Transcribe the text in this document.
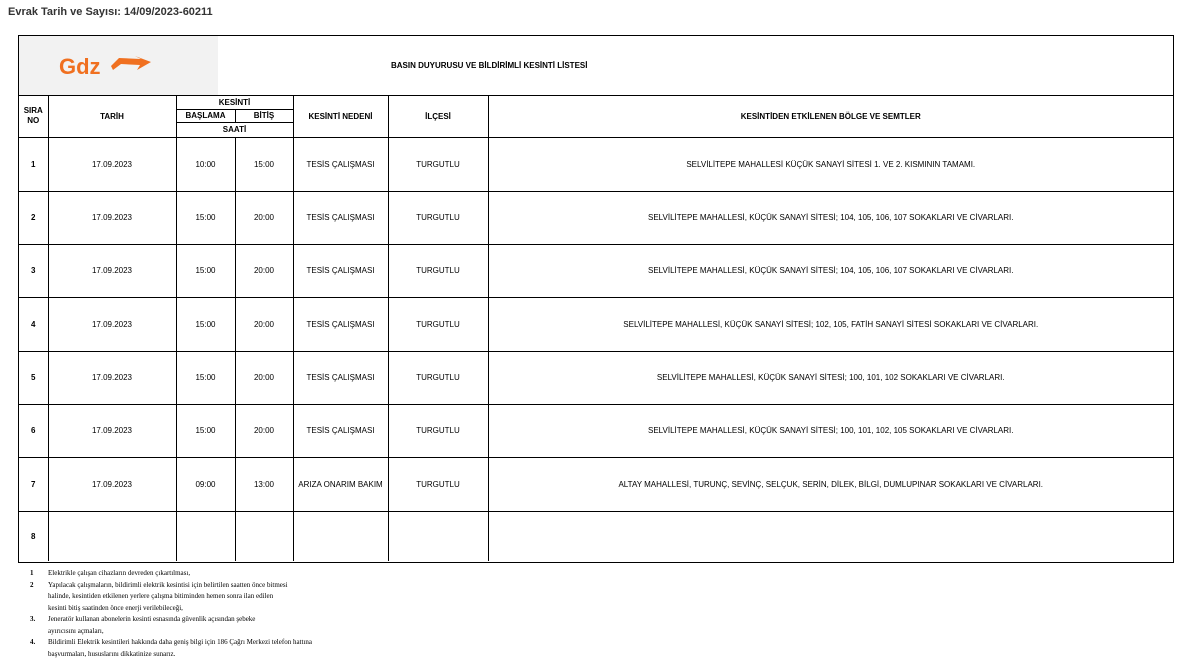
Evrak Tarih ve Sayısı: 14/09/2023-60211
Gdz	BASIN DUYURUSU VE BİLDİRİMLİ KESİNTİ LİSTESİ
SIRA NO	TARİH	KESİNTİ		KESİNTİ NEDENİ	İLÇESİ	KESİNTİDEN ETKİLENEN BÖLGE VE SEMTLER
		BAŞLAMA	BİTİŞ			
		SAATİ				
1	17.09.2023	10:00	15:00	TESİS ÇALIŞMASI	TURGUTLU	SELVİLİTEPE MAHALLESİ KÜÇÜK SANAYİ SİTESİ 1. VE 2. KISMININ TAMAMI.
2	17.09.2023	15:00	20:00	TESİS ÇALIŞMASI	TURGUTLU	SELVİLİTEPE MAHALLESİ, KÜÇÜK SANAYİ SİTESİ; 104, 105, 106, 107 SOKAKLARI VE CİVARLARI.
3	17.09.2023	15:00	20:00	TESİS ÇALIŞMASI	TURGUTLU	SELVİLİTEPE MAHALLESİ, KÜÇÜK SANAYİ SİTESİ; 104, 105, 106, 107 SOKAKLARI VE CİVARLARI.
4	17.09.2023	15:00	20:00	TESİS ÇALIŞMASI	TURGUTLU	SELVİLİTEPE MAHALLESİ, KÜÇÜK SANAYİ SİTESİ; 102, 105, FATİH SANAYİ SİTESİ SOKAKLARI VE CİVARLARI.
5	17.09.2023	15:00	20:00	TESİS ÇALIŞMASI	TURGUTLU	SELVİLİTEPE MAHALLESİ, KÜÇÜK SANAYİ SİTESİ; 100, 101, 102 SOKAKLARI VE CİVARLARI.
6	17.09.2023	15:00	20:00	TESİS ÇALIŞMASI	TURGUTLU	SELVİLİTEPE MAHALLESİ, KÜÇÜK SANAYİ SİTESİ; 100, 101, 102, 105 SOKAKLARI VE CİVARLARI.
7	17.09.2023	09:00	13:00	ARIZA ONARIM BAKIM	TURGUTLU	ALTAY MAHALLESİ, TURUNÇ, SEVİNÇ, SELÇUK, SERİN, DİLEK, BİLGİ, DUMLUPINAR SOKAKLARI VE CİVARLARI.
8						
1 Elektrikle çalışan cihazların devreden çıkartılması,
2 Yapılacak çalışmaların, bildirimli elektrik kesintisi için belirtilen saatten önce bitmesi
halinde, kesintiden etkilenen yerlere çalışma bitiminden hemen sonra ilan edilen
kesinti bitiş saatinden önce enerji verilebileceği,
3. Jeneratör kullanan abonelerin kesinti esnasında güvenlik açısından şebeke
ayırıcısını açmaları,
4. Bildirimli Elektrik kesintileri hakkında daha geniş bilgi için 186 Çağrı Merkezi telefon hattına
başvurmaları, hususlarını dikkatinize sunarız.
